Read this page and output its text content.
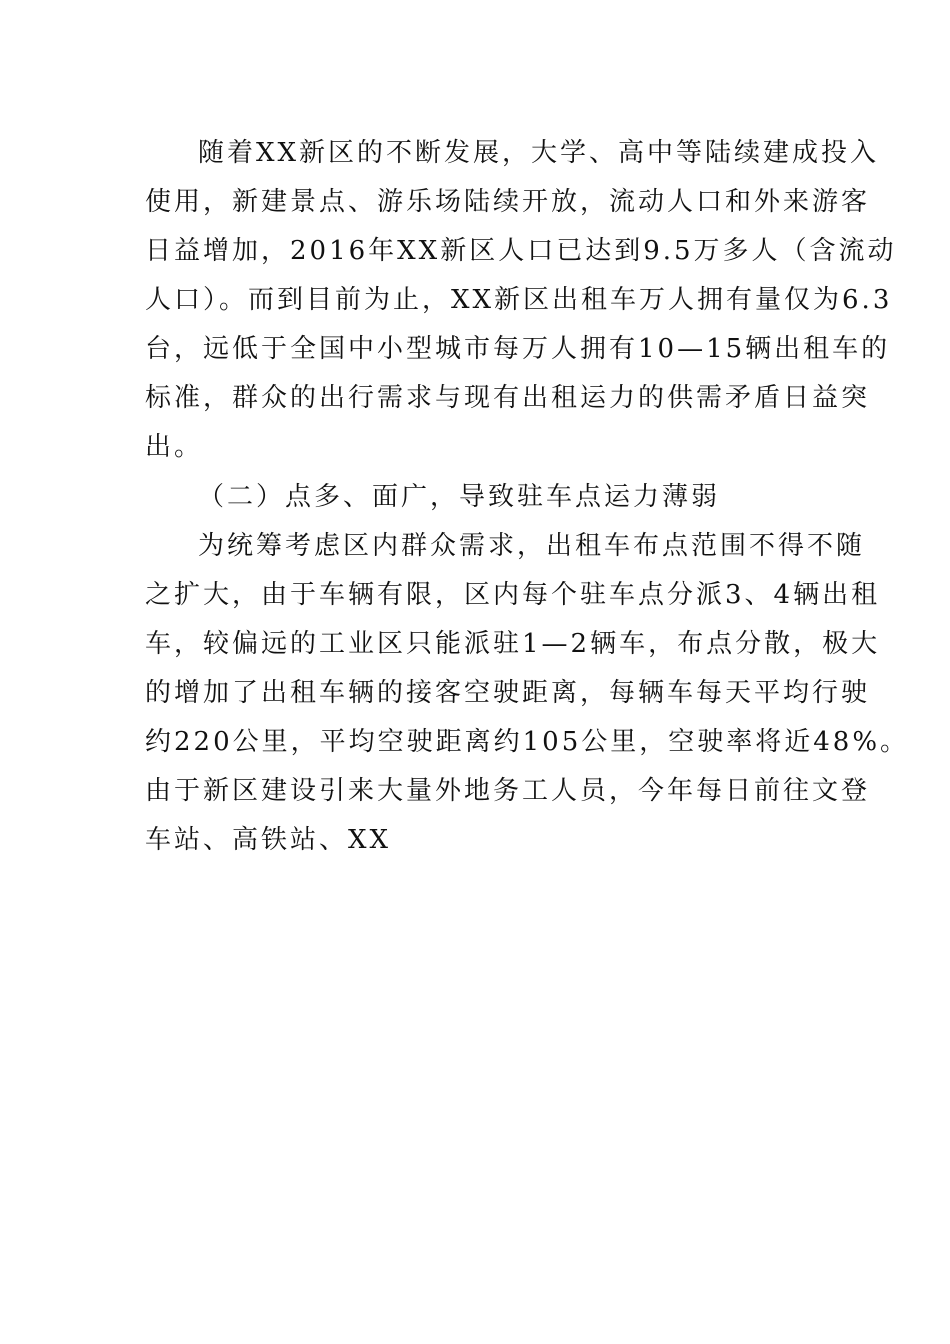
随着XX新区的不断发展，大学、高中等陆续建成投入
使用，新建景点、游乐场陆续开放，流动人口和外来游客
日益增加，2016年XX新区人口已达到9.5万多人（含流动
人口）。而到目前为止，XX新区出租车万人拥有量仅为6.3
台，远低于全国中小型城市每万人拥有10—15辆出租车的
标准，群众的出行需求与现有出租运力的供需矛盾日益突
出。
（二）点多、面广，导致驻车点运力薄弱
为统筹考虑区内群众需求，出租车布点范围不得不随
之扩大，由于车辆有限，区内每个驻车点分派3、4辆出租
车，较偏远的工业区只能派驻1—2辆车，布点分散，极大
的增加了出租车辆的接客空驶距离，每辆车每天平均行驶
约220公里，平均空驶距离约105公里，空驶率将近48%。
由于新区建设引来大量外地务工人员，今年每日前往文登
车站、高铁站、XX
